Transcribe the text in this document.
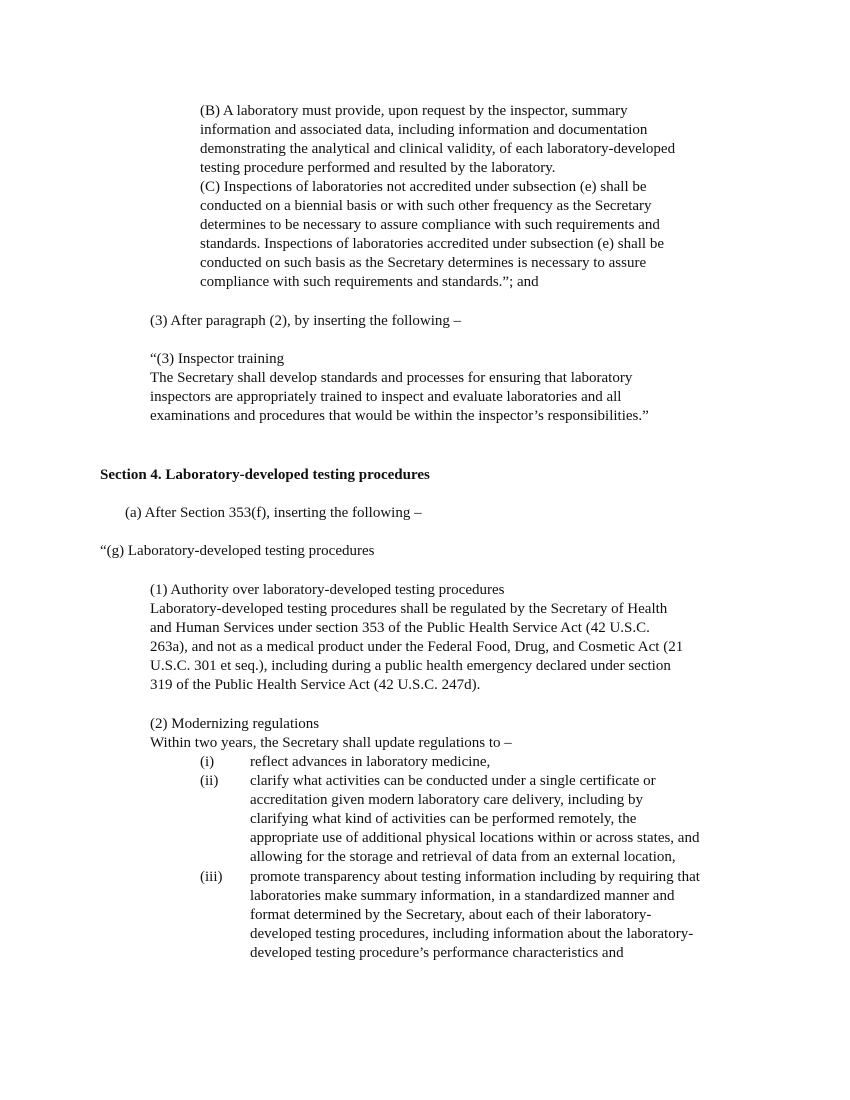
(B) A laboratory must provide, upon request by the inspector, summary
information and associated data, including information and documentation
demonstrating the analytical and clinical validity, of each laboratory-developed
testing procedure performed and resulted by the laboratory.
(C) Inspections of laboratories not accredited under subsection (e) shall be
conducted on a biennial basis or with such other frequency as the Secretary
determines to be necessary to assure compliance with such requirements and
standards. Inspections of laboratories accredited under subsection (e) shall be
conducted on such basis as the Secretary determines is necessary to assure
compliance with such requirements and standards.”; and
(3) After paragraph (2), by inserting the following –
“(3) Inspector training
The Secretary shall develop standards and processes for ensuring that laboratory
inspectors are appropriately trained to inspect and evaluate laboratories and all
examinations and procedures that would be within the inspector’s responsibilities.”
Section 4. Laboratory-developed testing procedures
(a) After Section 353(f), inserting the following –
“(g) Laboratory-developed testing procedures
(1) Authority over laboratory-developed testing procedures
Laboratory-developed testing procedures shall be regulated by the Secretary of Health
and Human Services under section 353 of the Public Health Service Act (42 U.S.C.
263a), and not as a medical product under the Federal Food, Drug, and Cosmetic Act (21
U.S.C. 301 et seq.), including during a public health emergency declared under section
319 of the Public Health Service Act (42 U.S.C. 247d).
(2) Modernizing regulations
Within two years, the Secretary shall update regulations to –
(i) reflect advances in laboratory medicine,
(ii) clarify what activities can be conducted under a single certificate or
accreditation given modern laboratory care delivery, including by
clarifying what kind of activities can be performed remotely, the
appropriate use of additional physical locations within or across states, and
allowing for the storage and retrieval of data from an external location,
(iii) promote transparency about testing information including by requiring that
laboratories make summary information, in a standardized manner and
format determined by the Secretary, about each of their laboratory-
developed testing procedures, including information about the laboratory-
developed testing procedure’s performance characteristics and
